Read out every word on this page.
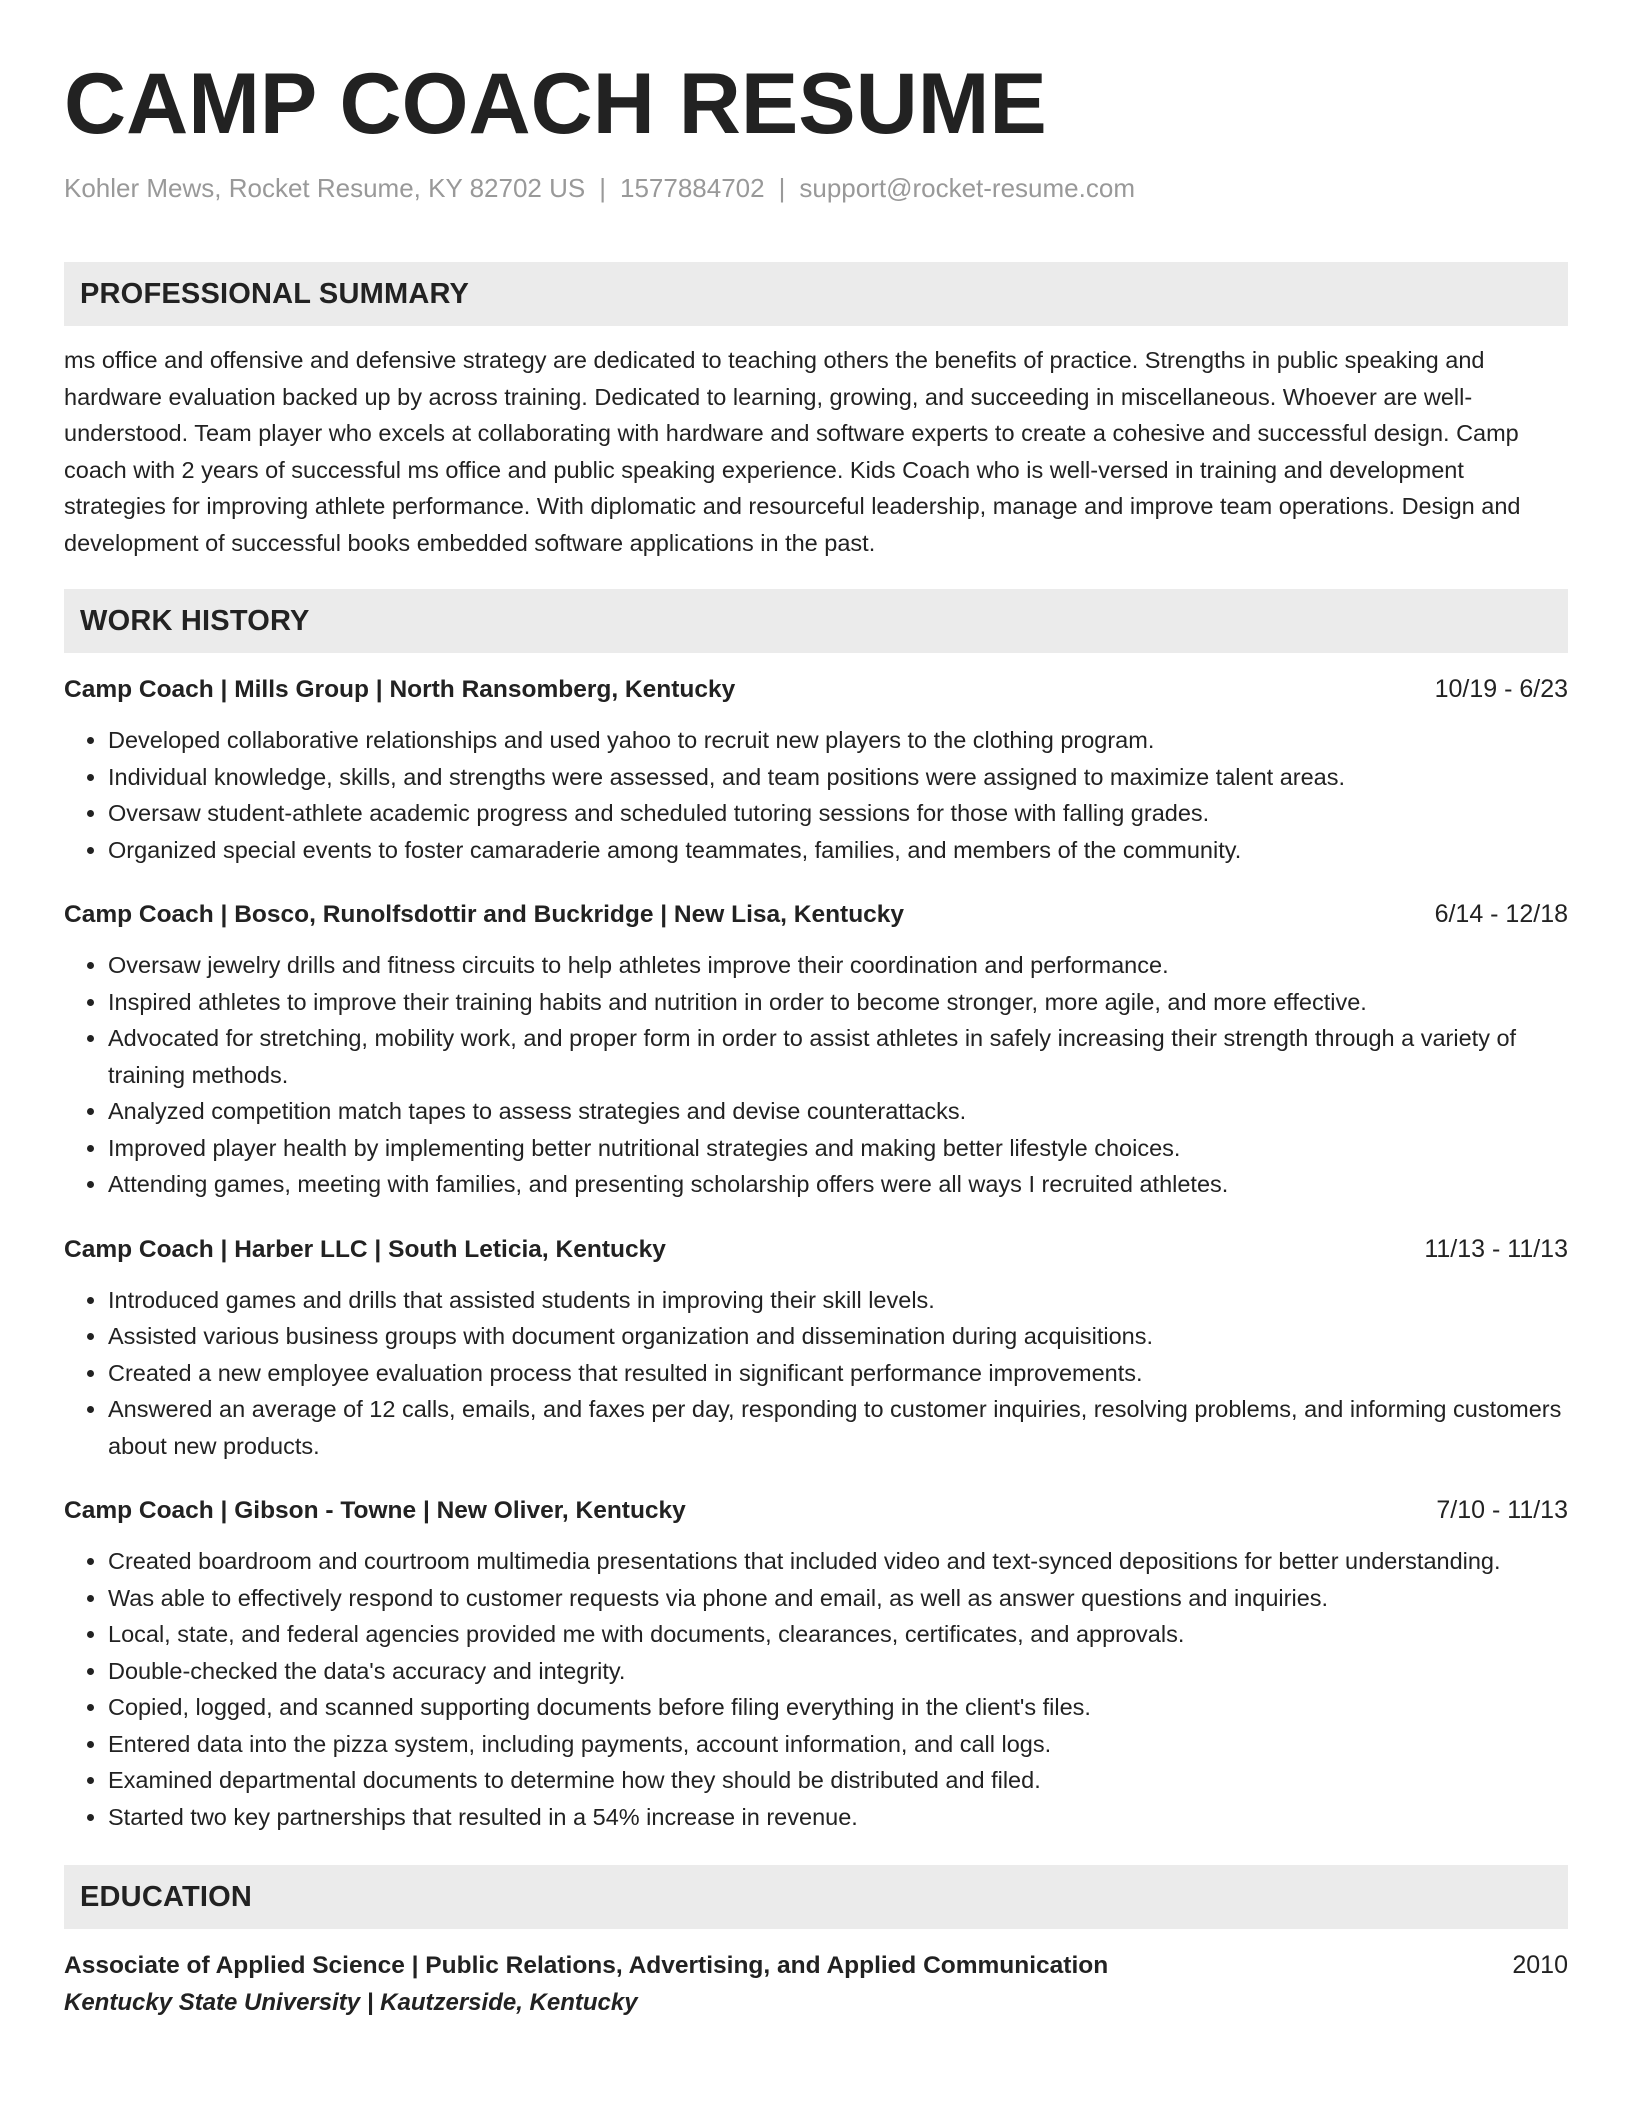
CAMP COACH RESUME
Kohler Mews, Rocket Resume, KY 82702 US | 1577884702 | support@rocket-resume.com
PROFESSIONAL SUMMARY
ms office and offensive and defensive strategy are dedicated to teaching others the benefits of practice. Strengths in public speaking and hardware evaluation backed up by across training. Dedicated to learning, growing, and succeeding in miscellaneous. Whoever are well-understood. Team player who excels at collaborating with hardware and software experts to create a cohesive and successful design. Camp coach with 2 years of successful ms office and public speaking experience. Kids Coach who is well-versed in training and development strategies for improving athlete performance. With diplomatic and resourceful leadership, manage and improve team operations. Design and development of successful books embedded software applications in the past.
WORK HISTORY
Camp Coach | Mills Group | North Ransomberg, Kentucky	10/19 - 6/23
• Developed collaborative relationships and used yahoo to recruit new players to the clothing program.
• Individual knowledge, skills, and strengths were assessed, and team positions were assigned to maximize talent areas.
• Oversaw student-athlete academic progress and scheduled tutoring sessions for those with falling grades.
• Organized special events to foster camaraderie among teammates, families, and members of the community.
Camp Coach | Bosco, Runolfsdottir and Buckridge | New Lisa, Kentucky	6/14 - 12/18
• Oversaw jewelry drills and fitness circuits to help athletes improve their coordination and performance.
• Inspired athletes to improve their training habits and nutrition in order to become stronger, more agile, and more effective.
• Advocated for stretching, mobility work, and proper form in order to assist athletes in safely increasing their strength through a variety of training methods.
• Analyzed competition match tapes to assess strategies and devise counterattacks.
• Improved player health by implementing better nutritional strategies and making better lifestyle choices.
• Attending games, meeting with families, and presenting scholarship offers were all ways I recruited athletes.
Camp Coach | Harber LLC | South Leticia, Kentucky	11/13 - 11/13
• Introduced games and drills that assisted students in improving their skill levels.
• Assisted various business groups with document organization and dissemination during acquisitions.
• Created a new employee evaluation process that resulted in significant performance improvements.
• Answered an average of 12 calls, emails, and faxes per day, responding to customer inquiries, resolving problems, and informing customers about new products.
Camp Coach | Gibson - Towne | New Oliver, Kentucky	7/10 - 11/13
• Created boardroom and courtroom multimedia presentations that included video and text-synced depositions for better understanding.
• Was able to effectively respond to customer requests via phone and email, as well as answer questions and inquiries.
• Local, state, and federal agencies provided me with documents, clearances, certificates, and approvals.
• Double-checked the data's accuracy and integrity.
• Copied, logged, and scanned supporting documents before filing everything in the client's files.
• Entered data into the pizza system, including payments, account information, and call logs.
• Examined departmental documents to determine how they should be distributed and filed.
• Started two key partnerships that resulted in a 54% increase in revenue.
EDUCATION
Associate of Applied Science | Public Relations, Advertising, and Applied Communication	2010
Kentucky State University | Kautzerside, Kentucky
